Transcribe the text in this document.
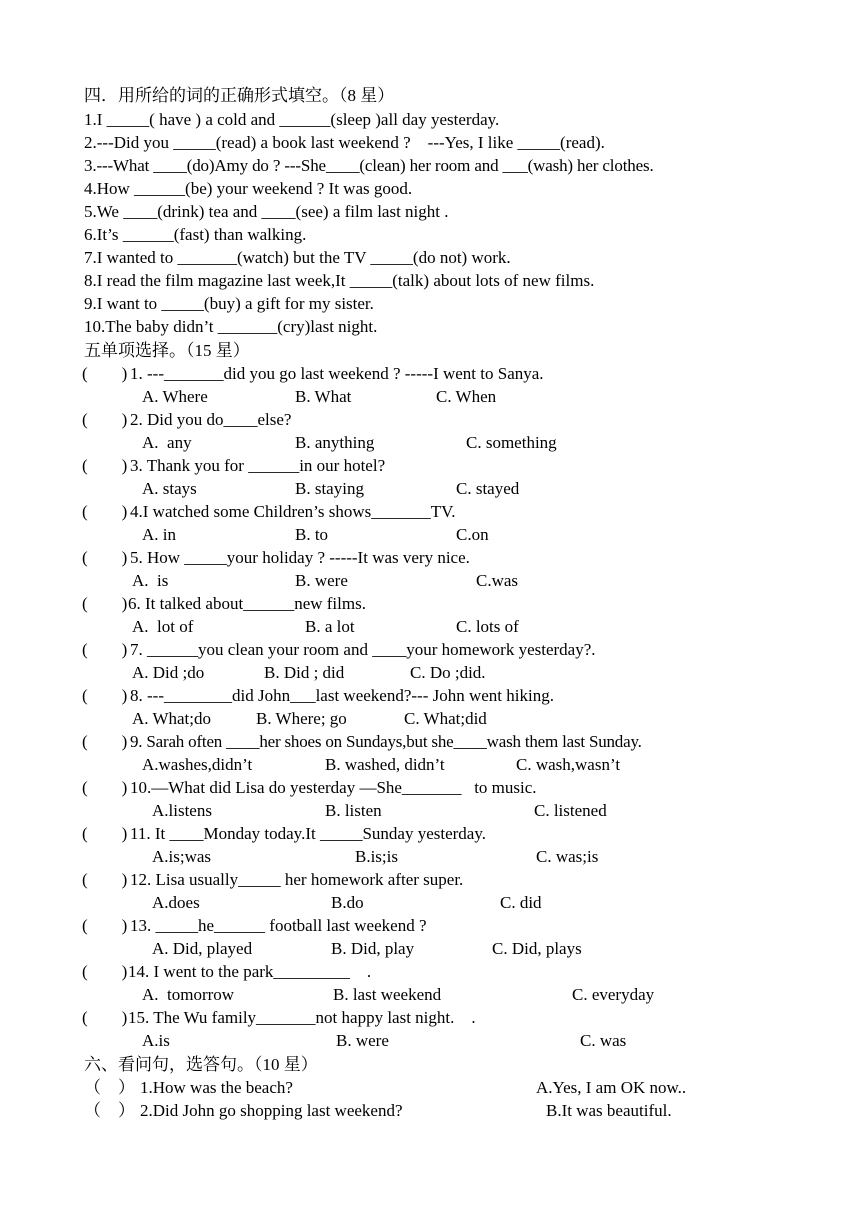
四．用所给的词的正确形式填空。（8 星）
1.I _____( have ) a cold and ______(sleep )all day yesterday.
2.---Did you _____(read) a book last weekend ?    ---Yes, I like _____(read).
3.---What ____(do)Amy do ? ---She____(clean) her room and ___(wash) her clothes.
4.How ______(be) your weekend ? It was good.
5.We ____(drink) tea and ____(see) a film last night .
6.It’s ______(fast) than walking.
7.I wanted to _______(watch) but the TV _____(do not) work.
8.I read the film magazine last week,It _____(talk) about lots of new films.
9.I want to _____(buy) a gift for my sister.
10.The baby didn’t _______(cry)last night.
五单项选择。（15 星）
(        ) 1. ---_______did you go last weekend ? -----I went to Sanya.
A. Where	B. What	C. When
(        ) 2. Did you do____else?
A.  any	B. anything	C. something
(        ) 3. Thank you for ______in our hotel?
A. stays	B. staying	C. stayed
(        ) 4.I watched some Children’s shows_______TV.
A. in	B. to	C.on
(        ) 5. How _____your holiday ? -----It was very nice.
A.  is	B. were	C.was
(        ) 6. It talked about______new films.
A.  lot of	B. a lot	C. lots of
(        ) 7. ______you clean your room and ____your homework yesterday?.
A. Did ;do	B. Did ; did	C. Do ;did.
(        ) 8. ---________did John___last weekend?--- John went hiking.
A. What;do	B. Where; go	C. What;did
(        ) 9. Sarah often ____her shoes on Sundays,but she____wash them last Sunday.
A.washes,didn’t	B. washed, didn’t	C. wash,wasn’t
(        ) 10.—What did Lisa do yesterday —She_______   to music.
A.listens	B. listen	C. listened
(        ) 11. It ____Monday today.It _____Sunday yesterday.
A.is;was	B.is;is	C. was;is
(        ) 12. Lisa usually_____ her homework after super.
A.does	B.do	C. did
(        ) 13. _____he______ football last weekend ?
A. Did, played	B. Did, play	C. Did, plays
(        ) 14. I went to the park_________    .
A.  tomorrow	B. last weekend	C. everyday
(        ) 15. The Wu family_______not happy last night.    .
A.is	B. were	C. was
六、看问句，选答句。（10 星）
（    ） 1.How was the beach?	A.Yes, I am OK now..
（    ） 2.Did John go shopping last weekend?	B.It was beautiful.
